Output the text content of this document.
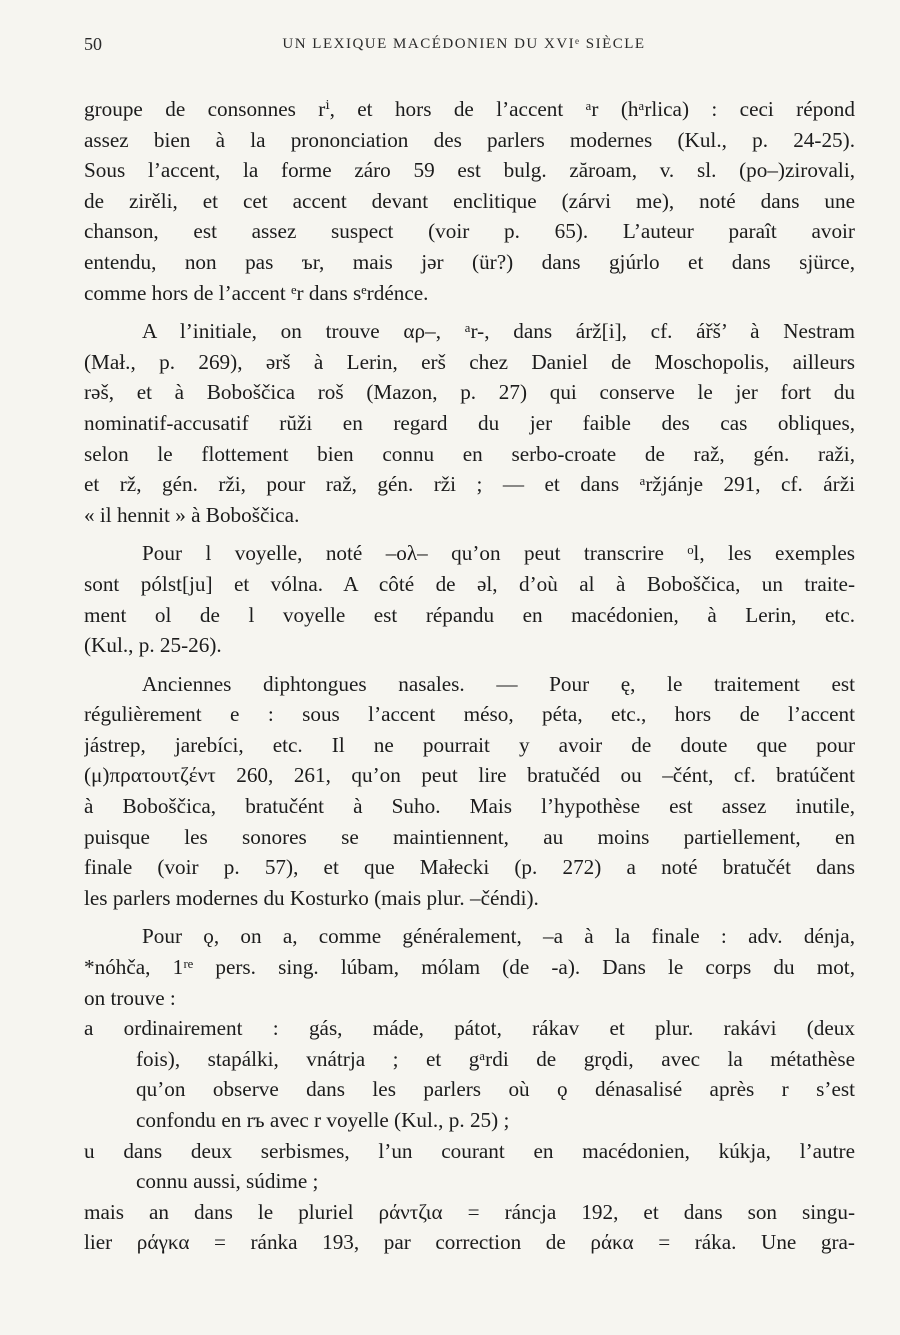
50	UN LEXIQUE MACÉDONIEN DU XVIᵉ SIÈCLE
groupe de consonnes rⁱ, et hors de l’accent ᵃr (hᵃrlica) : ceci répond
assez bien à la prononciation des parlers modernes (Kul., p. 24-25).
Sous l’accent, la forme záro 59 est bulg. zăroam, v. sl. (po–)zirovali,
de zirěli, et cet accent devant enclitique (zárvi me), noté dans une
chanson, est assez suspect (voir p. 65). L’auteur paraît avoir
entendu, non pas ъr, mais jər (ür?) dans gjúrlo et dans sjürce,
comme hors de l’accent ᵉr dans sᵉrdénce.
A l’initiale, on trouve αρ–, ᵃr-, dans árž[i], cf. ářš’ à Nestram
(Mał., p. 269), ərš à Lerin, erš chez Daniel de Moschopolis, ailleurs
rəš, et à Boboščica roš (Mazon, p. 27) qui conserve le jer fort du
nominatif-accusatif rŭži en regard du jer faible des cas obliques,
selon le flottement bien connu en serbo-croate de raž, gén. raži,
et rž, gén. rži, pour raž, gén. rži ; — et dans ᵃržjánje 291, cf. árži
« il hennit » à Boboščica.
Pour l voyelle, noté –ολ– qu’on peut transcrire ᵒl, les exemples
sont pólst[ju] et vólna. A côté de əl, d’où al à Boboščica, un traite-
ment ol de l voyelle est répandu en macédonien, à Lerin, etc.
(Kul., p. 25-26).
Anciennes diphtongues nasales. — Pour ę, le traitement est
régulièrement e : sous l’accent méso, péta, etc., hors de l’accent
jástrep, jarebíci, etc. Il ne pourrait y avoir de doute que pour
(μ)πρατουτζέντ 260, 261, qu’on peut lire bratučéd ou –čént, cf. bratúčent
à Boboščica, bratučént à Suho. Mais l’hypothèse est assez inutile,
puisque les sonores se maintiennent, au moins partiellement, en
finale (voir p. 57), et que Małecki (p. 272) a noté bratučét dans
les parlers modernes du Kosturko (mais plur. –čéndi).
Pour ǫ, on a, comme généralement, –a à la finale : adv. dénja,
*nóhča, 1ʳᵉ pers. sing. lúbam, mólam (de -a). Dans le corps du mot,
on trouve :
a ordinairement : gás, máde, pátot, rákav et plur. rakávi (deux
fois), stapálki, vnátrja ; et gᵃrdi de grǫdi, avec la métathèse
qu’on observe dans les parlers où ǫ dénasalisé après r s’est
confondu en rъ avec r voyelle (Kul., p. 25) ;
u dans deux serbismes, l’un courant en macédonien, kúkja, l’autre
connu aussi, súdime ;
mais an dans le pluriel ράντζια = ráncja 192, et dans son singu-
lier ράγκα = ránka 193, par correction de ράκα = ráka. Une gra-
